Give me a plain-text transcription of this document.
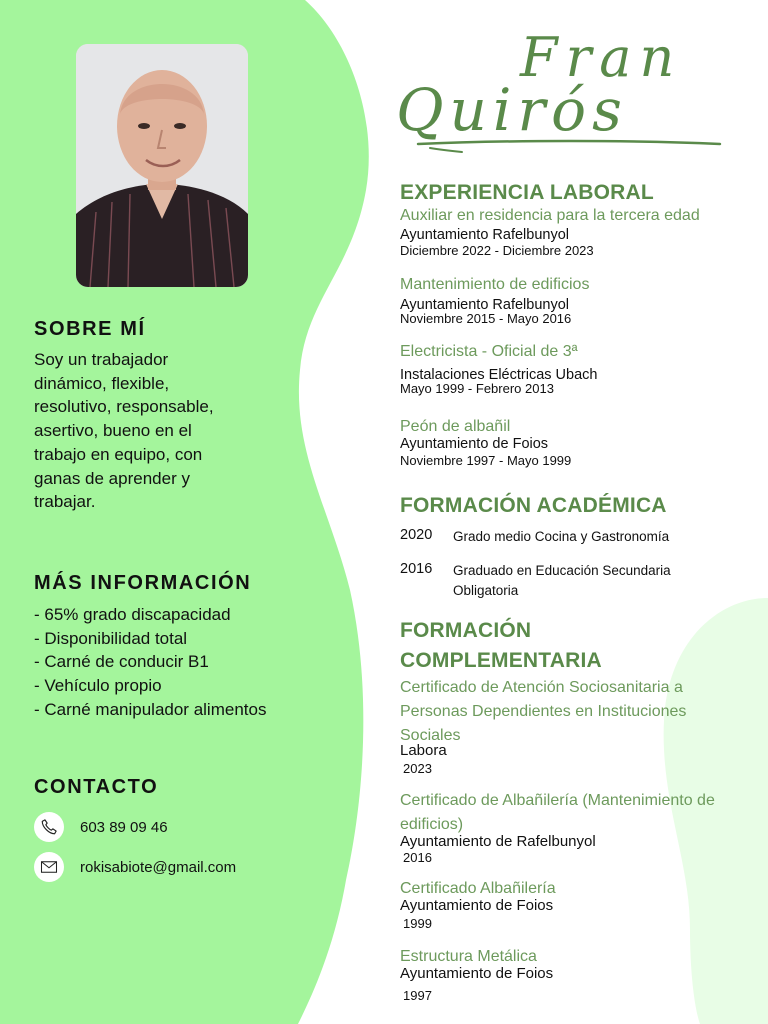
SOBRE MÍ
Soy un trabajador
dinámico, flexible,
resolutivo, responsable,
asertivo, bueno en el
trabajo en equipo, con
ganas de aprender y
trabajar.
MÁS INFORMACIÓN
- 65% grado discapacidad
- Disponibilidad total
- Carné de conducir B1
- Vehículo propio
- Carné manipulador alimentos
CONTACTO
603 89 09 46
rokisabiote@gmail.com
Fran
Quirós
EXPERIENCIA LABORAL
Auxiliar en residencia para la tercera edad
Ayuntamiento Rafelbunyol
Diciembre 2022 - Diciembre 2023
Mantenimiento de edificios
Ayuntamiento Rafelbunyol
Noviembre 2015 - Mayo 2016
Electricista - Oficial de 3ª
Instalaciones Eléctricas Ubach
Mayo 1999 - Febrero 2013
Peón de albañil
Ayuntamiento de Foios
Noviembre 1997 - Mayo 1999
FORMACIÓN ACADÉMICA
2020 Grado medio Cocina y Gastronomía
2016 Graduado en Educación Secundaria
Obligatoria
FORMACIÓN
COMPLEMENTARIA
Certificado de Atención Sociosanitaria a Personas Dependientes en Instituciones Sociales
Labora
2023
Certificado de Albañilería (Mantenimiento de edificios)
Ayuntamiento de Rafelbunyol
2016
Certificado Albañilería
Ayuntamiento de Foios
1999
Estructura Metálica
Ayuntamiento de Foios
1997
